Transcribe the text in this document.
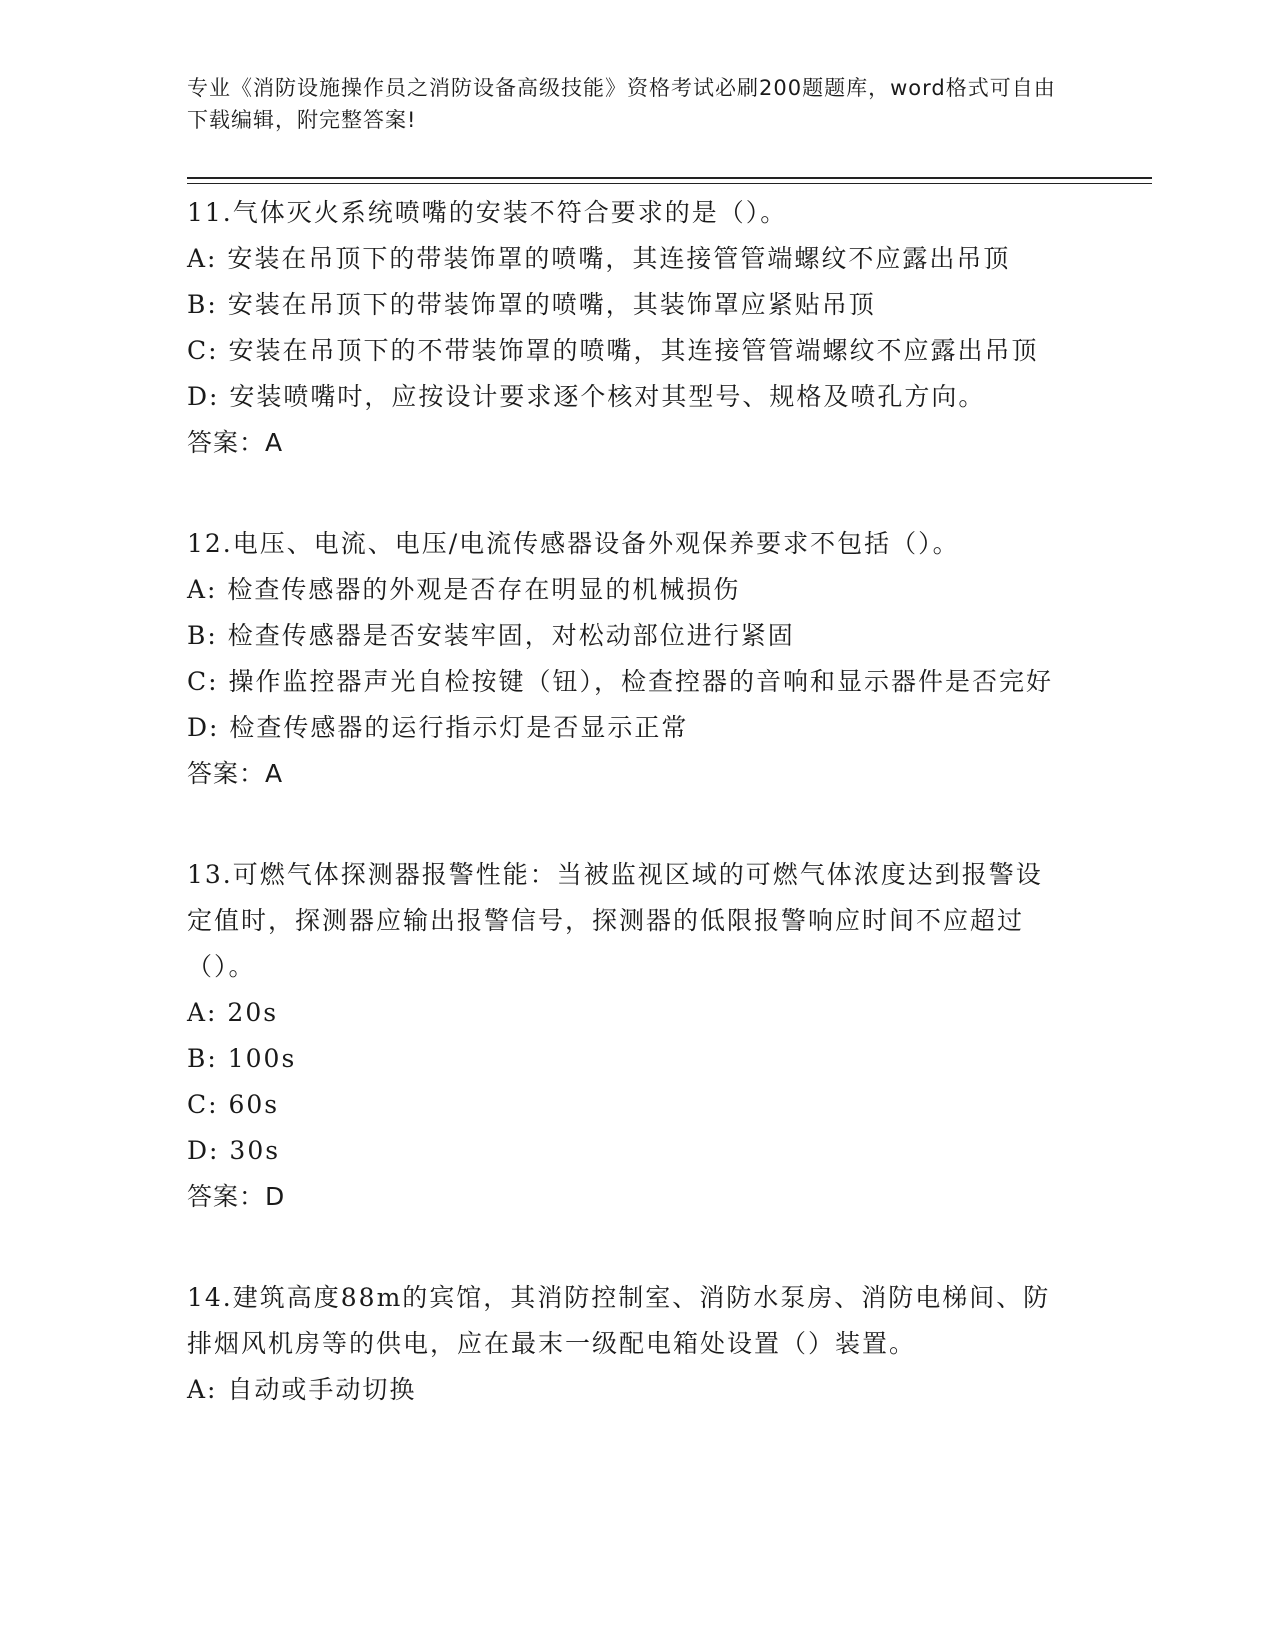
专业《消防设施操作员之消防设备高级技能》资格考试必刷200题题库，word格式可自由下载编辑，附完整答案!

11.气体灭火系统喷嘴的安装不符合要求的是（）。

A: 安装在吊顶下的带装饰罩的喷嘴，其连接管管端螺纹不应露出吊顶

B: 安装在吊顶下的带装饰罩的喷嘴，其装饰罩应紧贴吊顶

C: 安装在吊顶下的不带装饰罩的喷嘴，其连接管管端螺纹不应露出吊顶

D: 安装喷嘴吋，应按设计要求逐个核对其型号、规格及喷孔方向。

答案：A

12.电压、电流、电压/电流传感器设备外观保养要求不包括（）。

A: 检查传感器的外观是否存在明显的机械损伤

B: 检查传感器是否安装牢固，对松动部位进行紧固

C: 操作监控器声光自检按键（钮），检查控器的音响和显示器件是否完好

D: 检查传感器的运行指示灯是否显示正常

答案：A

13.可燃气体探测器报警性能：当被监视区域的可燃气体浓度达到报警设定值时，探测器应输出报警信号，探测器的低限报警响应时间不应超过（）。

A: 20s

B: 100s

C: 60s

D: 30s

答案：D

14.建筑高度88m的宾馆，其消防控制室、消防水泵房、消防电梯间、防排烟风机房等的供电，应在最末一级配电箱处设置（）装置。

A: 自动或手动切换
